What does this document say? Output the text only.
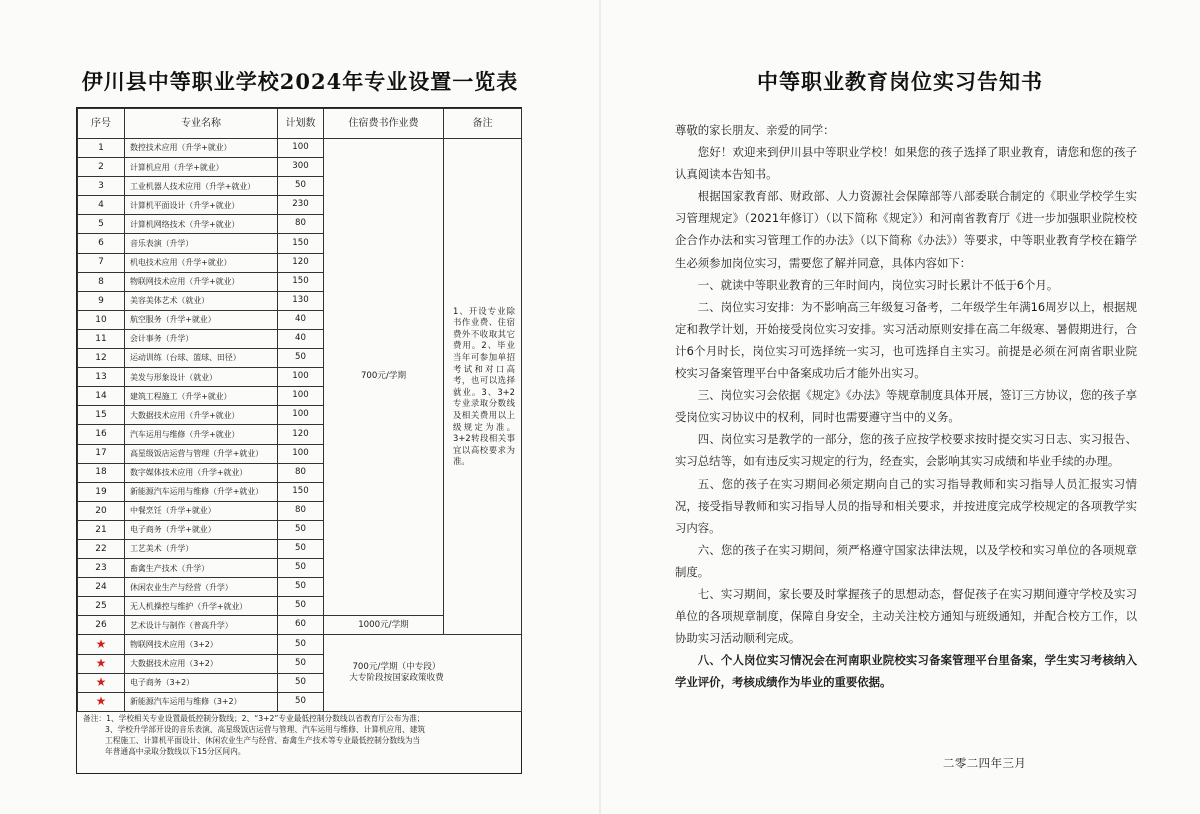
伊川县中等职业学校2024年专业设置一览表
序号	专业名称	计划数	住宿费书作业费	备注
1	数控技术应用（升学+就业）	100	700元/学期	1、开设专业除书作业费、住宿费外不收取其它费用。2、毕业当年可参加单招考试和对口高考，也可以选择就业。3、3+2专业录取分数线及相关费用以上级规定为准。3+2转段相关事宜以高校要求为准。
2	计算机应用（升学+就业）	300		
3	工业机器人技术应用（升学+就业）	50		
4	计算机平面设计（升学+就业）	230		
5	计算机网络技术（升学+就业）	80		
6	音乐表演（升学）	150		
7	机电技术应用（升学+就业）	120		
8	物联网技术应用（升学+就业）	150		
9	美容美体艺术（就业）	130		
10	航空服务（升学+就业）	40		
11	会计事务（升学）	40		
12	运动训练（台球、篮球、田径）	50		
13	美发与形象设计（就业）	100		
14	建筑工程施工（升学+就业）	100		
15	大数据技术应用（升学+就业）	100		
16	汽车运用与维修（升学+就业）	120		
17	高星级饭店运营与管理（升学+就业）	100		
18	数字媒体技术应用（升学+就业）	80		
19	新能源汽车运用与维修（升学+就业）	150		
20	中餐烹饪（升学+就业）	80		
21	电子商务（升学+就业）	50		
22	工艺美术（升学）	50		
23	畜禽生产技术（升学）	50		
24	休闲农业生产与经营（升学）	50		
25	无人机操控与维护（升学+就业）	50		
26	艺术设计与制作（普高升学）	60	1000元/学期	
★	物联网技术应用（3+2）	50	700元/学期（中专段）
大专阶段按国家政策收费	

★	大数据技术应用（3+2）	50		
★	电子商务（3+2）	50		
★	新能源汽车运用与维修（3+2）	50		
备注：1、学校相关专业设置最低控制分数线；2、“3+2”专业最低控制分数线以省教育厅公布为准；
3、学校升学部开设的音乐表演、高星级饭店运营与管理、汽车运用与维修、计算机应用、建筑
工程施工、计算机平面设计、休闲农业生产与经营、畜禽生产技术等专业最低控制分数线为当
年普通高中录取分数线以下15分区间内。
中等职业教育岗位实习告知书

尊敬的家长朋友、亲爱的同学：

您好！欢迎来到伊川县中等职业学校！如果您的孩子选择了职业教育，请您和您的孩子认真阅读本告知书。

根据国家教育部、财政部、人力资源社会保障部等八部委联合制定的《职业学校学生实习管理规定》（2021年修订）（以下简称《规定》）和河南省教育厅《进一步加强职业院校校企合作办法和实习管理工作的办法》（以下简称《办法》）等要求，中等职业教育学校在籍学生必须参加岗位实习，需要您了解并同意，具体内容如下：

一、就读中等职业教育的三年时间内，岗位实习时长累计不低于6个月。

二、岗位实习安排：为不影响高三年级复习备考，二年级学生年满16周岁以上，根据规定和教学计划，开始接受岗位实习安排。实习活动原则安排在高二年级寒、暑假期进行，合计6个月时长，岗位实习可选择统一实习，也可选择自主实习。前提是必须在河南省职业院校实习备案管理平台中备案成功后才能外出实习。

三、岗位实习会依据《规定》《办法》等规章制度具体开展，签订三方协议，您的孩子享受岗位实习协议中的权利，同时也需要遵守当中的义务。

四、岗位实习是教学的一部分，您的孩子应按学校要求按时提交实习日志、实习报告、实习总结等，如有违反实习规定的行为，经查实，会影响其实习成绩和毕业手续的办理。

五、您的孩子在实习期间必须定期向自己的实习指导教师和实习指导人员汇报实习情况，接受指导教师和实习指导人员的指导和相关要求，并按进度完成学校规定的各项教学实习内容。

六、您的孩子在实习期间，须严格遵守国家法律法规，以及学校和实习单位的各项规章制度。

七、实习期间，家长要及时掌握孩子的思想动态，督促孩子在实习期间遵守学校及实习单位的各项规章制度，保障自身安全，主动关注校方通知与班级通知，并配合校方工作，以协助实习活动顺利完成。

八、个人岗位实习情况会在河南职业院校实习备案管理平台里备案，学生实习考核纳入学业评价，考核成绩作为毕业的重要依据。

二零二四年三月
